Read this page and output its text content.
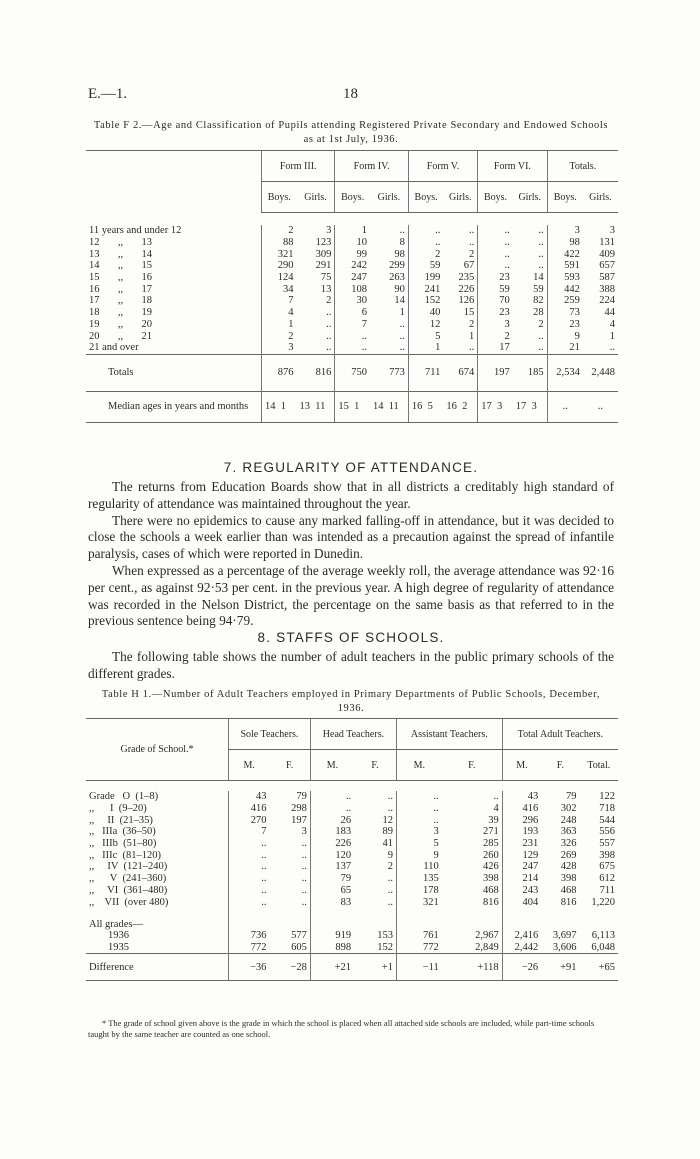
E.—1.	18
Table F 2.—Age and Classification of Pupils attending Registered Private Secondary and Endowed Schools as at 1st July, 1936.
	Form III.		Form IV.		Form V.		Form VI.		Totals.	
	Boys.	Girls.	Boys.	Girls.	Boys.	Girls.	Boys.	Girls.	Boys.	Girls.

11 years and under 12	2	3	1	..	..	..	..	..	3	3
12       ,,       13	88	123	10	8	..	..	..	..	98	131
13       ,,       14	321	309	99	98	2	2	..	..	422	409
14       ,,       15	290	291	242	299	59	67	..	..	591	657
15       ,,       16	124	75	247	263	199	235	23	14	593	587
16       ,,       17	34	13	108	90	241	226	59	59	442	388
17       ,,       18	7	2	30	14	152	126	70	82	259	224
18       ,,       19	4	..	6	1	40	15	23	28	73	44
19       ,,       20	1	..	7	..	12	2	3	2	23	4
20       ,,       21	2	..	..	..	5	1	2	..	9	1
21 and over	3	..	..	..	1	..	17	..	21	..
Totals	876	816	750	773	711	674	197	185	2,534	2,448
Median ages in years and months	14  1	13  11	15  1	14  11	16  5	16  2	17  3	17  3	..	..
7. REGULARITY OF ATTENDANCE.

The returns from Education Boards show that in all districts a creditably high standard of regularity of attendance was maintained throughout the year.

There were no epidemics to cause any marked falling-off in attendance, but it was decided to close the schools a week earlier than was intended as a precaution against the spread of infantile paralysis, cases of which were reported in Dunedin.

When expressed as a percentage of the average weekly roll, the average attendance was 92·16 per cent., as against 92·53 per cent. in the previous year. A high degree of regularity of attendance was recorded in the Nelson District, the percentage on the same basis as that referred to in the previous sentence being 94·79.

8. STAFFS OF SCHOOLS.

The following table shows the number of adult teachers in the public primary schools of the different grades.

Table H 1.—Number of Adult Teachers employed in Primary Departments of Public Schools, December, 1936.
Grade of School.*	Sole Teachers.		Head Teachers.		Assistant Teachers.		Total Adult Teachers.		
	M.	F.	M.	F.	M.	F.	M.	F.	Total.

Grade   O  (1–8)	43	79	..	..	..	..	43	79	122
,,      I  (9–20)	416	298	..	..	..	4	416	302	718
,,     II  (21–35)	270	197	26	12	..	39	296	248	544
,,   IIIa  (36–50)	7	3	183	89	3	271	193	363	556
,,   IIIb  (51–80)	..	..	226	41	5	285	231	326	557
,,   IIIc  (81–120)	..	..	120	9	9	260	129	269	398
,,     IV  (121–240)	..	..	137	2	110	426	247	428	675
,,      V  (241–360)	..	..	79	..	135	398	214	398	612
,,     VI  (361–480)	..	..	65	..	178	468	243	468	711
,,    VII  (over 480)	..	..	83	..	321	816	404	816	1,220
All grades—									
1936	736	577	919	153	761	2,967	2,416	3,697	6,113
1935	772	605	898	152	772	2,849	2,442	3,606	6,048
Difference	−36	−28	+21	+1	−11	+118	−26	+91	+65
* The grade of school given above is the grade in which the school is placed when all attached side schools are included, while part-time schools taught by the same teacher are counted as one school.
